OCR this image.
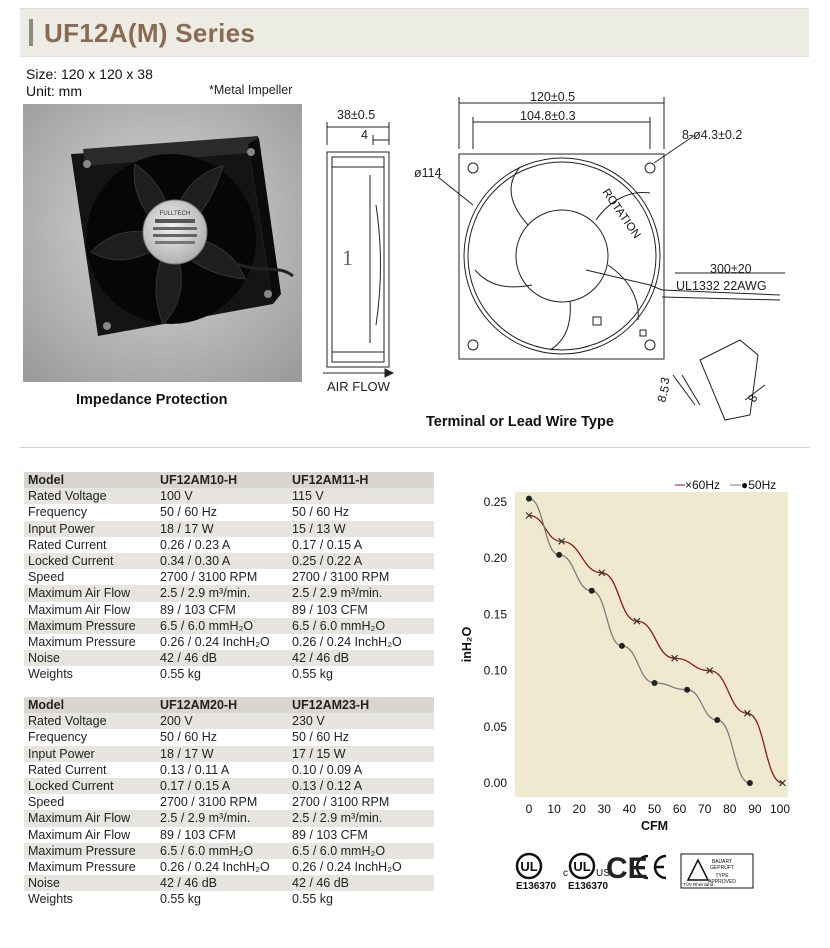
UF12A(M) Series
Size: 120 x 120 x 38
Unit: mm	*Metal Impeller
FULLTECH
Impedance Protection
ROTATION
1
3
8.5	8
38±0.5
4
120±0.5
104.8±0.3
8-ø4.3±0.2
ø114
300±20
UL1332 22AWG
AIR FLOW
Terminal or Lead Wire Type
Model	UF12AM10-H	UF12AM11-H
Rated Voltage	100 V	115 V
Frequency	50 / 60 Hz	50 / 60 Hz
Input Power	18 / 17 W	15 / 13 W
Rated Current	0.26 / 0.23 A	0.17 / 0.15 A
Locked Current	0.34 / 0.30 A	0.25 / 0.22 A
Speed	2700 / 3100 RPM	2700 / 3100 RPM
Maximum Air Flow	2.5 / 2.9 m³/min.	2.5 / 2.9 m³/min.
Maximum Air Flow	89 / 103 CFM	89 / 103 CFM
Maximum Pressure	6.5 / 6.0 mmH₂O	6.5 / 6.0 mmH₂O
Maximum Pressure	0.26 / 0.24 InchH₂O	0.26 / 0.24 InchH₂O
Noise	42 / 46 dB	42 / 46 dB
Weights	0.55 kg	0.55 kg
Model	UF12AM20-H	UF12AM23-H
Rated Voltage	200 V	230 V
Frequency	50 / 60 Hz	50 / 60 Hz
Input Power	18 / 17 W	17 / 15 W
Rated Current	0.13 / 0.11 A	0.10 / 0.09 A
Locked Current	0.17 / 0.15 A	0.13 / 0.12 A
Speed	2700 / 3100 RPM	2700 / 3100 RPM
Maximum Air Flow	2.5 / 2.9 m³/min.	2.5 / 2.9 m³/min.
Maximum Air Flow	89 / 103 CFM	89 / 103 CFM
Maximum Pressure	6.5 / 6.0 mmH₂O	6.5 / 6.0 mmH₂O
Maximum Pressure	0.26 / 0.24 InchH₂O	0.26 / 0.24 InchH₂O
Noise	42 / 46 dB	42 / 46 dB
Weights	0.55 kg	0.55 kg
0.25
0.20
0.15
0.10
0.05
0.00
0 10 20 30 40 50 60 70 80 90 100
CFM
inH₂O
×60Hz ●50Hz
UL	UL
E136370 E136370
c	US
BAUART
GEPRÜFT
TYPE
APPROVED
TÜV Rheinland
CE
